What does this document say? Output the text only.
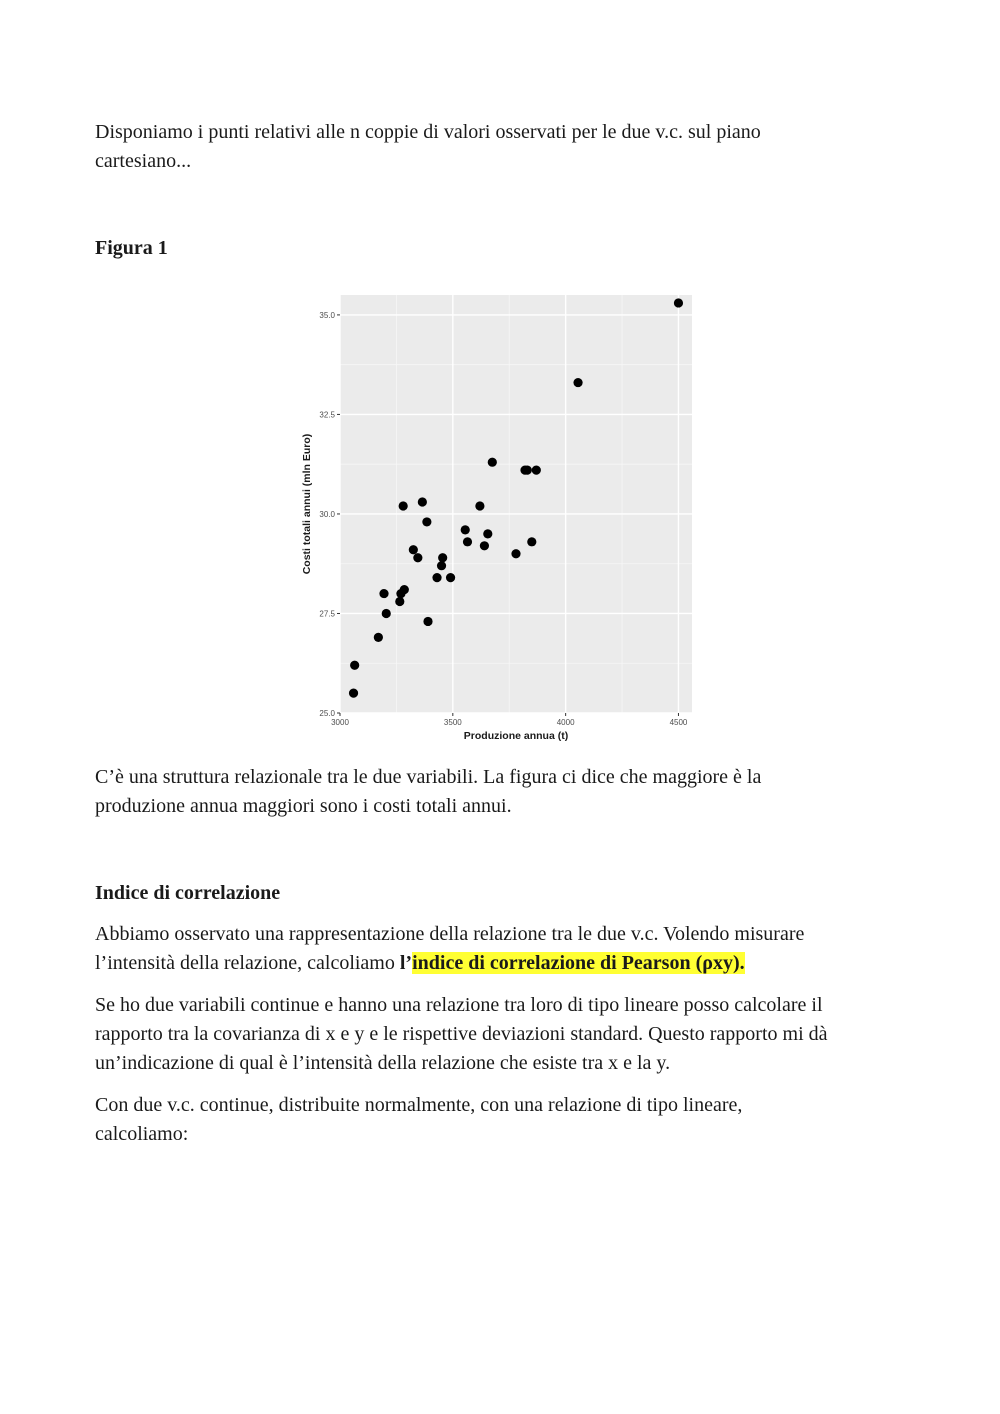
Disponiamo i punti relativi alle n coppie di valori osservati per le due v.c. sul piano
cartesiano...

Figura 1

3000	3500	4000	4500
25.0
27.5
30.0
32.5
35.0
Produzione annua (t)
Costi totali annui (mln Euro)

C’è una struttura relazionale tra le due variabili. La figura ci dice che maggiore è la
produzione annua maggiori sono i costi totali annui.

Indice di correlazione

Abbiamo osservato una rappresentazione della relazione tra le due v.c. Volendo misurare
l’intensità della relazione, calcoliamo l’indice di correlazione di Pearson (ρxy).

Se ho due variabili continue e hanno una relazione tra loro di tipo lineare posso calcolare il
rapporto tra la covarianza di x e y e le rispettive deviazioni standard. Questo rapporto mi dà
un’indicazione di qual è l’intensità della relazione che esiste tra x e la y.

Con due v.c. continue, distribuite normalmente, con una relazione di tipo lineare,
calcoliamo:
